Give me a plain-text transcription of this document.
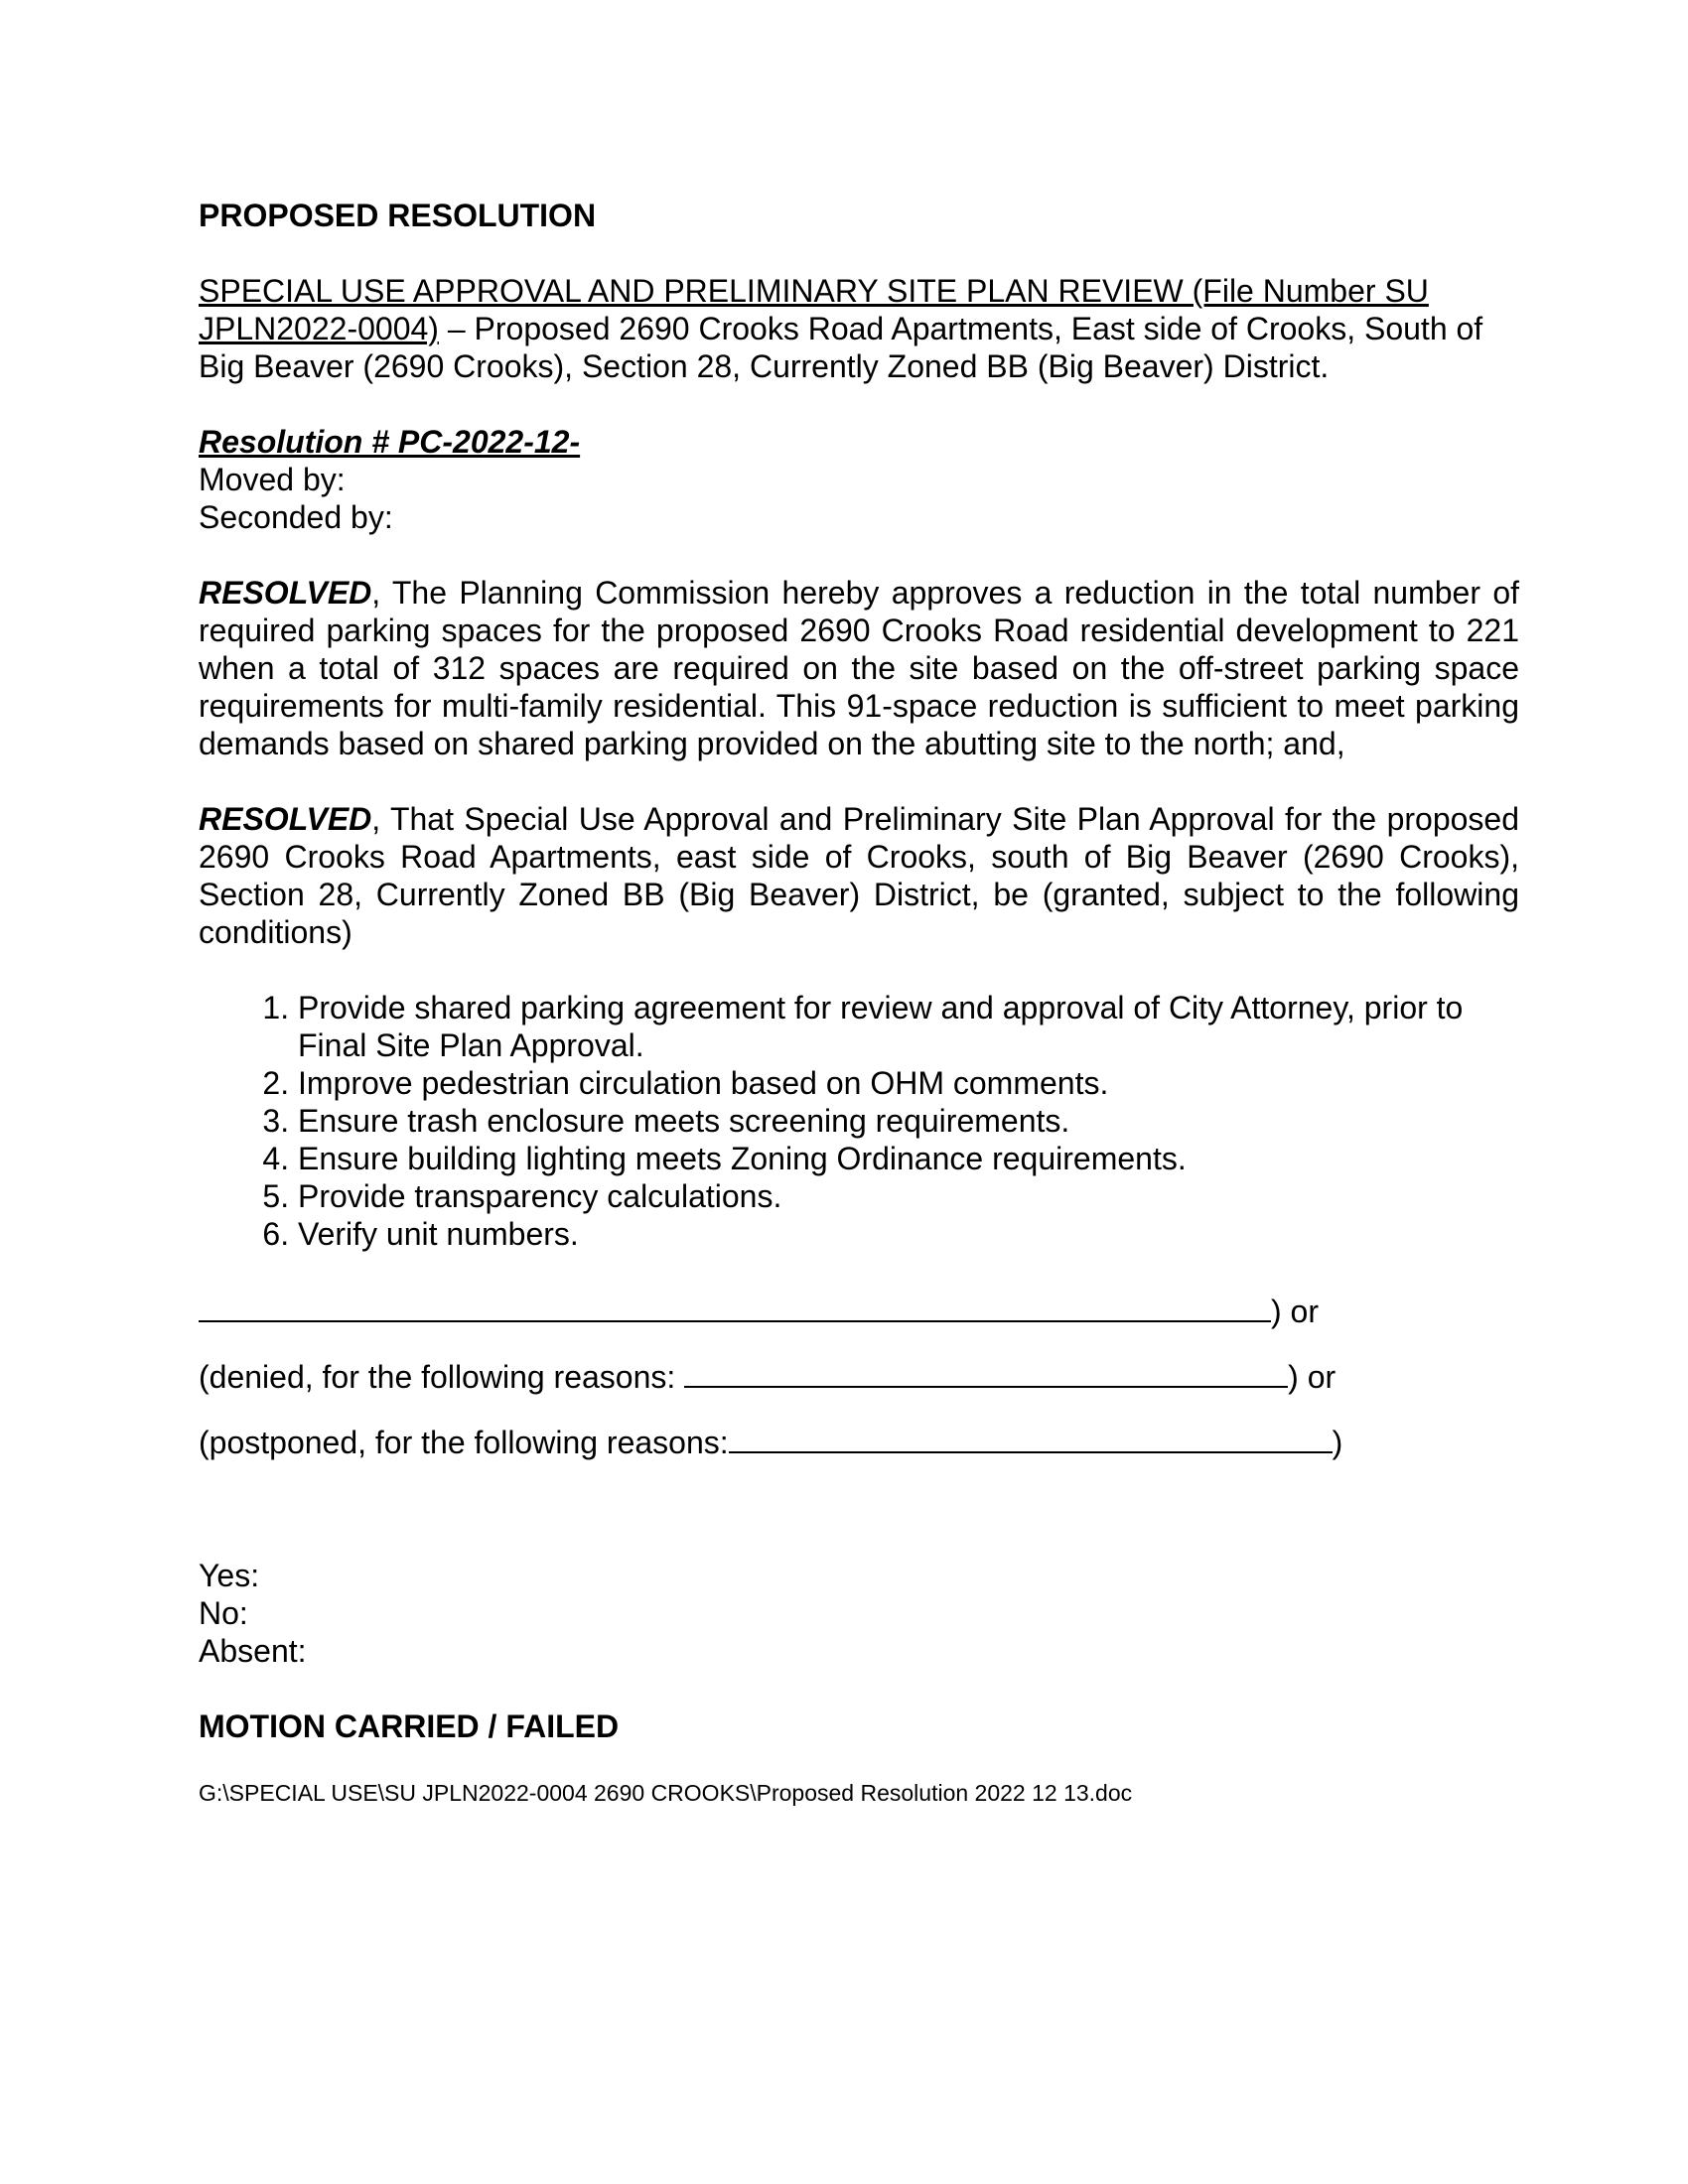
PROPOSED RESOLUTION
SPECIAL USE APPROVAL AND PRELIMINARY SITE PLAN REVIEW (File Number SU JPLN2022-0004) – Proposed 2690 Crooks Road Apartments, East side of Crooks, South of Big Beaver (2690 Crooks), Section 28, Currently Zoned BB (Big Beaver) District.
Resolution # PC-2022-12-
Moved by:
Seconded by:
RESOLVED, The Planning Commission hereby approves a reduction in the total number of required parking spaces for the proposed 2690 Crooks Road residential development to 221 when a total of 312 spaces are required on the site based on the off-street parking space requirements for multi-family residential. This 91-space reduction is sufficient to meet parking demands based on shared parking provided on the abutting site to the north; and,
RESOLVED, That Special Use Approval and Preliminary Site Plan Approval for the proposed 2690 Crooks Road Apartments, east side of Crooks, south of Big Beaver (2690 Crooks), Section 28, Currently Zoned BB (Big Beaver) District, be (granted, subject to the following conditions)
1. Provide shared parking agreement for review and approval of City Attorney, prior to Final Site Plan Approval.
2. Improve pedestrian circulation based on OHM comments.
3. Ensure trash enclosure meets screening requirements.
4. Ensure building lighting meets Zoning Ordinance requirements.
5. Provide transparency calculations.
6. Verify unit numbers.
) or
(denied, for the following reasons:	) or
(postponed, for the following reasons:	)
Yes:
No:
Absent:
MOTION CARRIED / FAILED
G:\SPECIAL USE\SU JPLN2022-0004 2690 CROOKS\Proposed Resolution 2022 12 13.doc
